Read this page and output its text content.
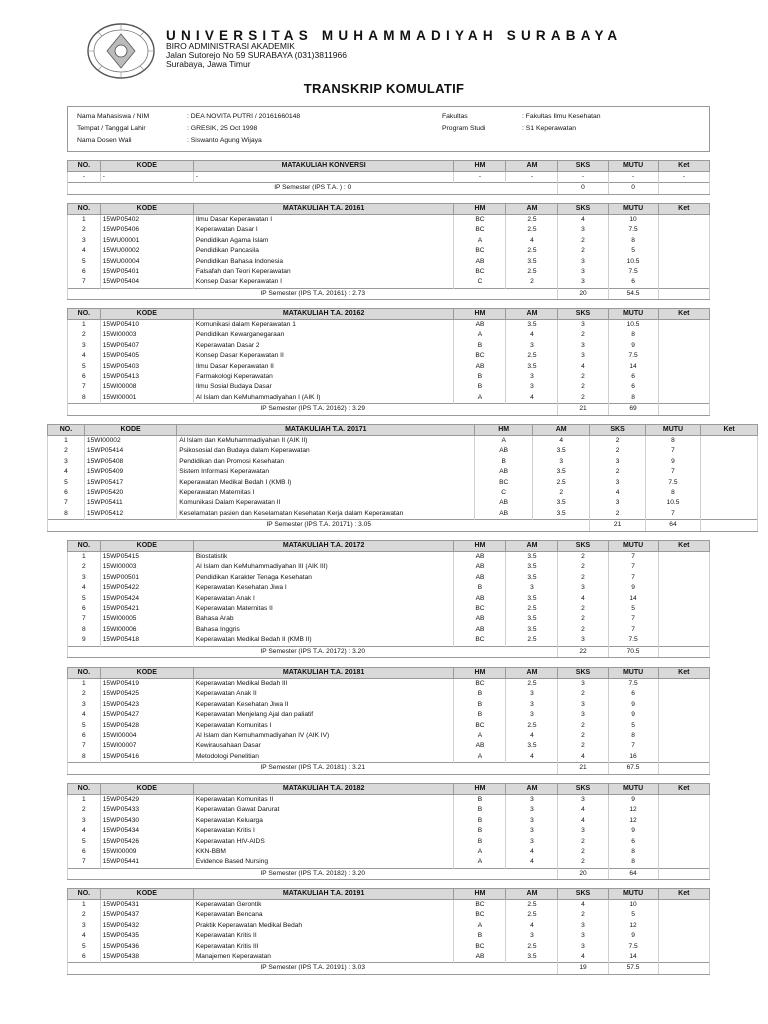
UNIVERSITAS MUHAMMADIYAH SURABAYA
BIRO ADMINISTRASI AKADEMIK
Jalan Sutorejo No 59 SURABAYA (031)3811966
Surabaya, Jawa Timur
TRANSKRIP KOMULATIF
Nama Mahasiswa / NIM	: DEA NOVITA PUTRI / 20161660148	Fakultas	: Fakultas Ilmu Kesehatan
Tempat / Tanggal Lahir	: GRESIK, 25 Oct 1998	Program Studi	: S1 Keperawatan
Nama Dosen Wali	: Siswanto Agung Wijaya
NO.	KODE	MATAKULIAH KONVERSI	HM	AM	SKS	MUTU	Ket
-	-	-	-	-	-	-	-
IP Semester (IPS T.A. ) : 0					0	0	
NO.	KODE	MATAKULIAH T.A. 20161	HM	AM	SKS	MUTU	Ket
1	15WP05402	Ilmu Dasar Keperawatan I	BC	2.5	4	10	
2	15WP05406	Keperawatan Dasar I	BC	2.5	3	7.5	
3	15WU00001	Pendidikan Agama Islam	A	4	2	8	
4	15WU00002	Pendidikan Pancasila	BC	2.5	2	5	
5	15WU00004	Pendidikan Bahasa Indonesia	AB	3.5	3	10.5	
6	15WP05401	Falsafah dan Teori Keperawatan	BC	2.5	3	7.5	
7	15WP05404	Konsep Dasar Keperawatan I	C	2	3	6	
IP Semester (IPS T.A. 20161) : 2.73					20	54.5	
NO.	KODE	MATAKULIAH T.A. 20162	HM	AM	SKS	MUTU	Ket
1	15WP05410	Komunikasi dalam Keperawatan 1	AB	3.5	3	10.5	
2	15WI00003	Pendidikan Kewarganegaraan	A	4	2	8	
3	15WP05407	Keperawatan Dasar 2	B	3	3	9	
4	15WP05405	Konsep Dasar Keperawatan II	BC	2.5	3	7.5	
5	15WP05403	Ilmu Dasar Keperawatan II	AB	3.5	4	14	
6	15WP05413	Farmakologi Keperawatan	B	3	2	6	
7	15WI00008	Ilmu Sosial Budaya Dasar	B	3	2	6	
8	15WI00001	Al Islam dan KeMuhammadiyahan I (AIK I)	A	4	2	8	
IP Semester (IPS T.A. 20162) : 3.29					21	69	
NO.	KODE	MATAKULIAH T.A. 20171	HM	AM	SKS	MUTU	Ket
1	15WI00002	Al Islam dan KeMuhammadiyahan II (AIK II)	A	4	2	8	
2	15WP05414	Psikososial dan Budaya dalam Keperawatan	AB	3.5	2	7	
3	15WP05408	Pendidikan dan Promosi Kesehatan	B	3	3	9	
4	15WP05409	Sistem Informasi Keperawatan	AB	3.5	2	7	
5	15WP05417	Keperawatan Medikal Bedah I (KMB I)	BC	2.5	3	7.5	
6	15WP05420	Keperawatan Maternitas I	C	2	4	8	
7	15WP05411	Komunikasi Dalam Keperawatan II	AB	3.5	3	10.5	
8	15WP05412	Keselamatan pasien dan Keselamatan Kesehatan Kerja dalam Keperawatan	AB	3.5	2	7	
IP Semester (IPS T.A. 20171) : 3.05					21	64	
NO.	KODE	MATAKULIAH T.A. 20172	HM	AM	SKS	MUTU	Ket
1	15WP05415	Biostatistik	AB	3.5	2	7	
2	15WI00003	Al Islam dan KeMuhammadiyahan III (AIK III)	AB	3.5	2	7	
3	15WP00501	Pendidikan Karakter Tenaga Kesehatan	AB	3.5	2	7	
4	15WP05422	Keperawatan Kesehatan Jiwa I	B	3	3	9	
5	15WP05424	Keperawatan Anak I	AB	3.5	4	14	
6	15WP05421	Keperawatan Maternitas II	BC	2.5	2	5	
7	15WI00005	Bahasa Arab	AB	3.5	2	7	
8	15WI00006	Bahasa Inggris	AB	3.5	2	7	
9	15WP05418	Keperawatan Medikal Bedah II (KMB II)	BC	2.5	3	7.5	
IP Semester (IPS T.A. 20172) : 3.20					22	70.5	
NO.	KODE	MATAKULIAH T.A. 20181	HM	AM	SKS	MUTU	Ket
1	15WP05419	Keperawatan Medikal Bedah III	BC	2.5	3	7.5	
2	15WP05425	Keperawatan Anak II	B	3	2	6	
3	15WP05423	Keperawatan Kesehatan Jiwa II	B	3	3	9	
4	15WP05427	Keperawatan Menjelang Ajal dan paliatif	B	3	3	9	
5	15WP05428	Keperawatan Komunitas I	BC	2.5	2	5	
6	15WI00004	Al Islam dan Kemuhammadiyahan IV (AIK IV)	A	4	2	8	
7	15WI00007	Kewirausahaan Dasar	AB	3.5	2	7	
8	15WP05416	Metodologi Penelitian	A	4	4	16	
IP Semester (IPS T.A. 20181) : 3.21					21	67.5	
NO.	KODE	MATAKULIAH T.A. 20182	HM	AM	SKS	MUTU	Ket
1	15WP05429	Keperawatan Komunitas II	B	3	3	9	
2	15WP05433	Keperawatan Gawat Darurat	B	3	4	12	
3	15WP05430	Keperawatan Keluarga	B	3	4	12	
4	15WP05434	Keperawatan Kritis I	B	3	3	9	
5	15WP05426	Keperawatan HIV-AIDS	B	3	2	6	
6	15WI00009	KKN-BBM	A	4	2	8	
7	15WP05441	Evidence Based Nursing	A	4	2	8	
IP Semester (IPS T.A. 20182) : 3.20					20	64	
NO.	KODE	MATAKULIAH T.A. 20191	HM	AM	SKS	MUTU	Ket
1	15WP05431	Keperawatan Gerontik	BC	2.5	4	10	
2	15WP05437	Keperawatan Bencana	BC	2.5	2	5	
3	15WP05432	Praktik Keperawatan Medikal Bedah	A	4	3	12	
4	15WP05435	Keperawatan Kritis II	B	3	3	9	
5	15WP05436	Keperawatan Kritis III	BC	2.5	3	7.5	
6	15WP05438	Manajemen Keperawatan	AB	3.5	4	14	
IP Semester (IPS T.A. 20191) : 3.03					19	57.5	
